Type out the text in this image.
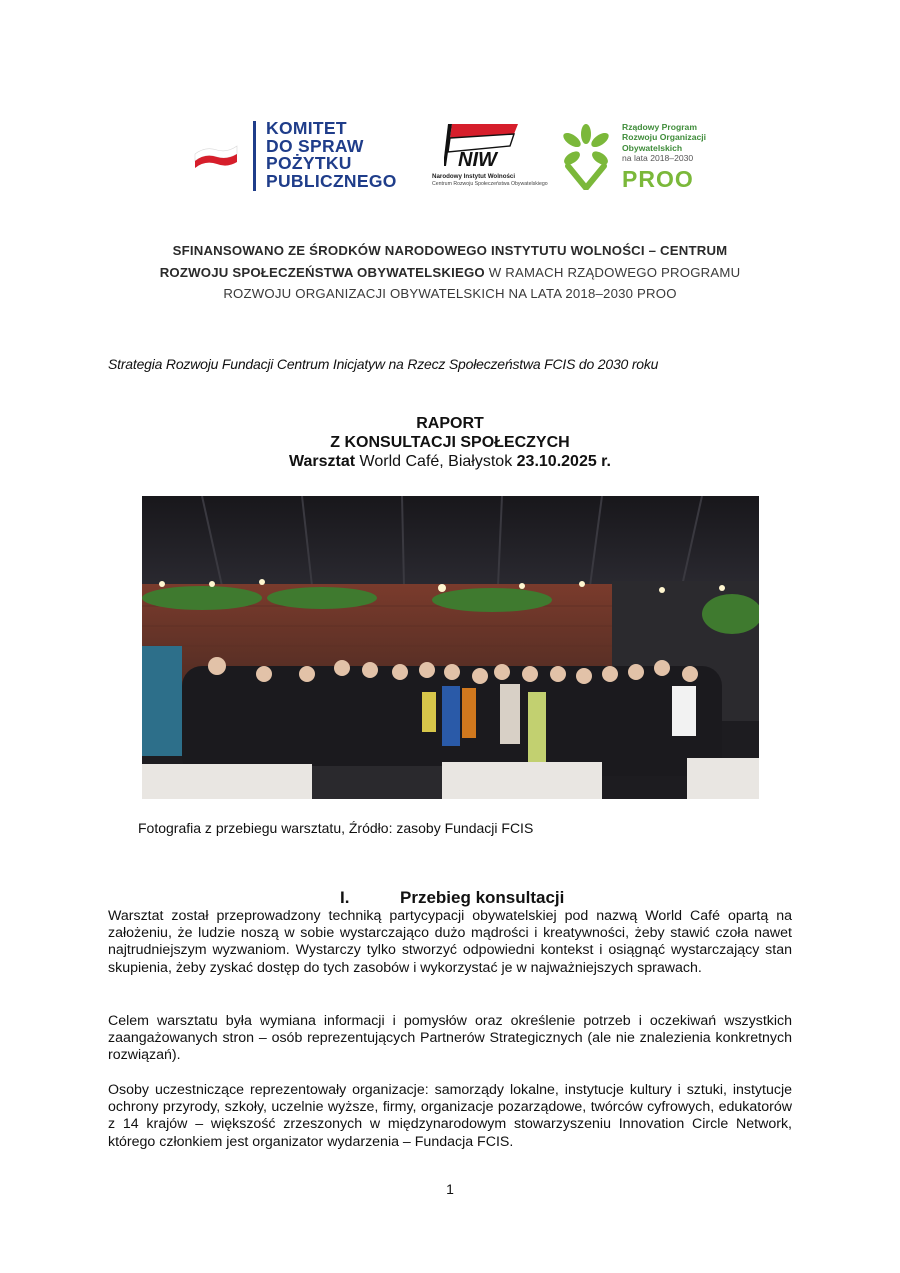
KOMITET
DO SPRAW
POŻYTKU
PUBLICZNEGO
NIW
Narodowy Instytut Wolności
Centrum Rozwoju Społeczeństwa Obywatelskiego
Rządowy Program
Rozwoju Organizacji
Obywatelskich
na lata 2018–2030
PROO
SFINANSOWANO ZE ŚRODKÓW NARODOWEGO INSTYTUTU WOLNOŚCI – CENTRUM
ROZWOJU SPOŁECZEŃSTWA OBYWATELSKIEGO W RAMACH RZĄDOWEGO PROGRAMU
ROZWOJU ORGANIZACJI OBYWATELSKICH NA LATA 2018–2030 PROO
Strategia Rozwoju Fundacji Centrum Inicjatyw na Rzecz Społeczeństwa FCIS do 2030 roku
RAPORT
Z KONSULTACJI SPOŁECZYCH
Warsztat World Café, Białystok 23.10.2025 r.
Fotografia z przebiegu warsztatu, Źródło: zasoby Fundacji FCIS
I.	Przebieg konsultacji
Warsztat został przeprowadzony techniką partycypacji obywatelskiej pod nazwą World Café opartą na założeniu, że ludzie noszą w sobie wystarczająco dużo mądrości i kreatywności, żeby stawić czoła nawet najtrudniejszym wyzwaniom. Wystarczy tylko stworzyć odpowiedni kontekst i osiągnąć wystarczający stan skupienia, żeby zyskać dostęp do tych zasobów i wykorzystać je w najważniejszych sprawach.
Celem warsztatu była wymiana informacji i pomysłów oraz określenie potrzeb i oczekiwań wszystkich zaangażowanych stron – osób reprezentujących Partnerów Strategicznych (ale nie znalezienia konkretnych rozwiązań).
Osoby uczestniczące reprezentowały organizacje: samorządy lokalne, instytucje kultury i sztuki, instytucje ochrony przyrody, szkoły, uczelnie wyższe, firmy, organizacje pozarządowe, twórców cyfrowych, edukatorów z 14 krajów – większość zrzeszonych w międzynarodowym stowarzyszeniu Innovation Circle Network, którego członkiem jest organizator wydarzenia – Fundacja FCIS.
1
